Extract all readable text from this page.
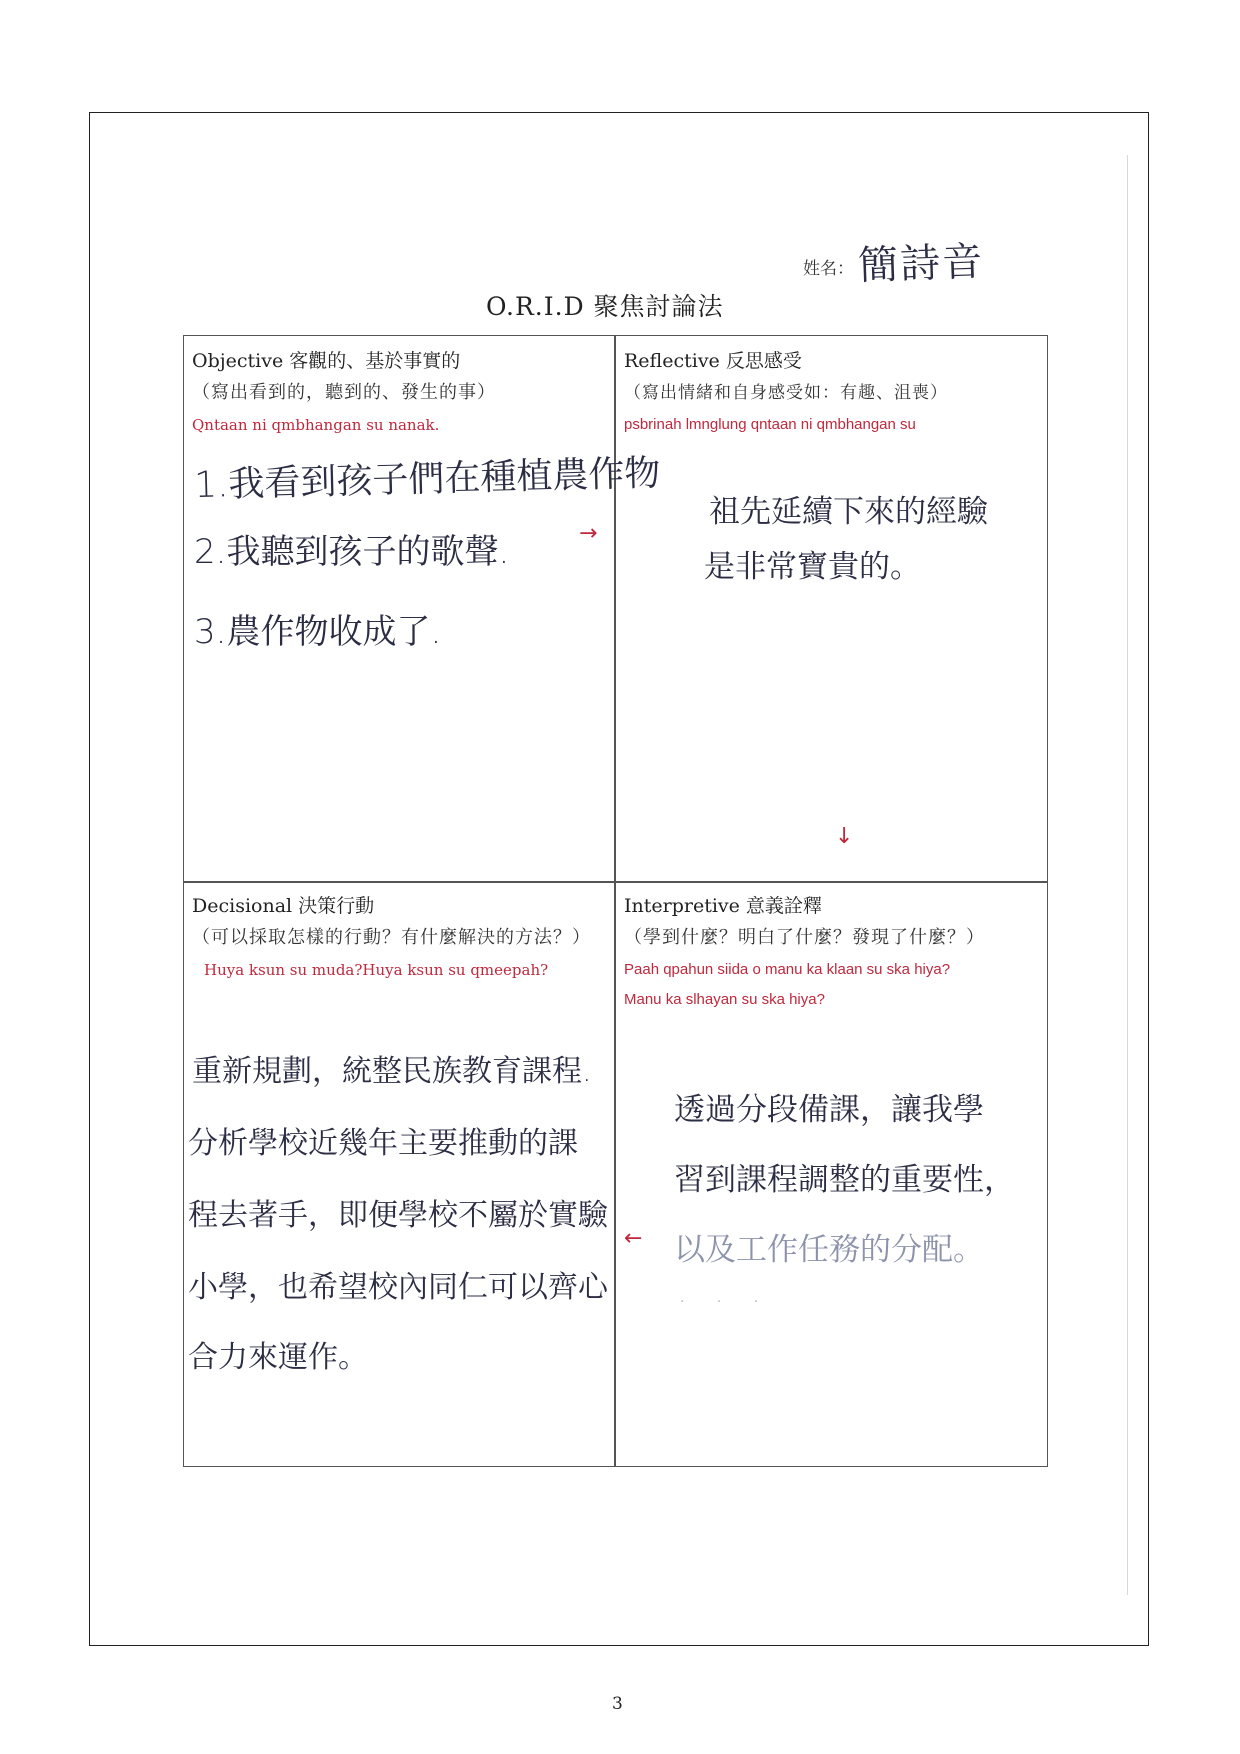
姓名： 簡詩音
O.R.I.D 聚焦討論法
Objective 客觀的、基於事實的
（寫出看到的，聽到的、發生的事）
Qntaan ni qmbhangan su nanak.
1.我看到孩子們在種植農作物
2.我聽到孩子的歌聲.
3.農作物收成了.
Reflective 反思感受
（寫出情緒和自身感受如：有趣、沮喪）
psbrinah lmnglung qntaan ni qmbhangan su
祖先延續下來的經驗
是非常寶貴的。
Decisional 決策行動
（可以採取怎樣的行動？有什麼解決的方法？）
Huya ksun su muda?Huya ksun su qmeepah?
重新規劃，統整民族教育課程.
分析學校近幾年主要推動的課
程去著手，即便學校不屬於實驗
小學，也希望校內同仁可以齊心
合力來運作。
Interpretive 意義詮釋
（學到什麼？明白了什麼？發現了什麼？）
Paah qpahun siida o manu ka klaan su ska hiya?
Manu ka slhayan su ska hiya?
透過分段備課，讓我學
習到課程調整的重要性，
以及工作任務的分配。
→
↓
←
· · ·
3
